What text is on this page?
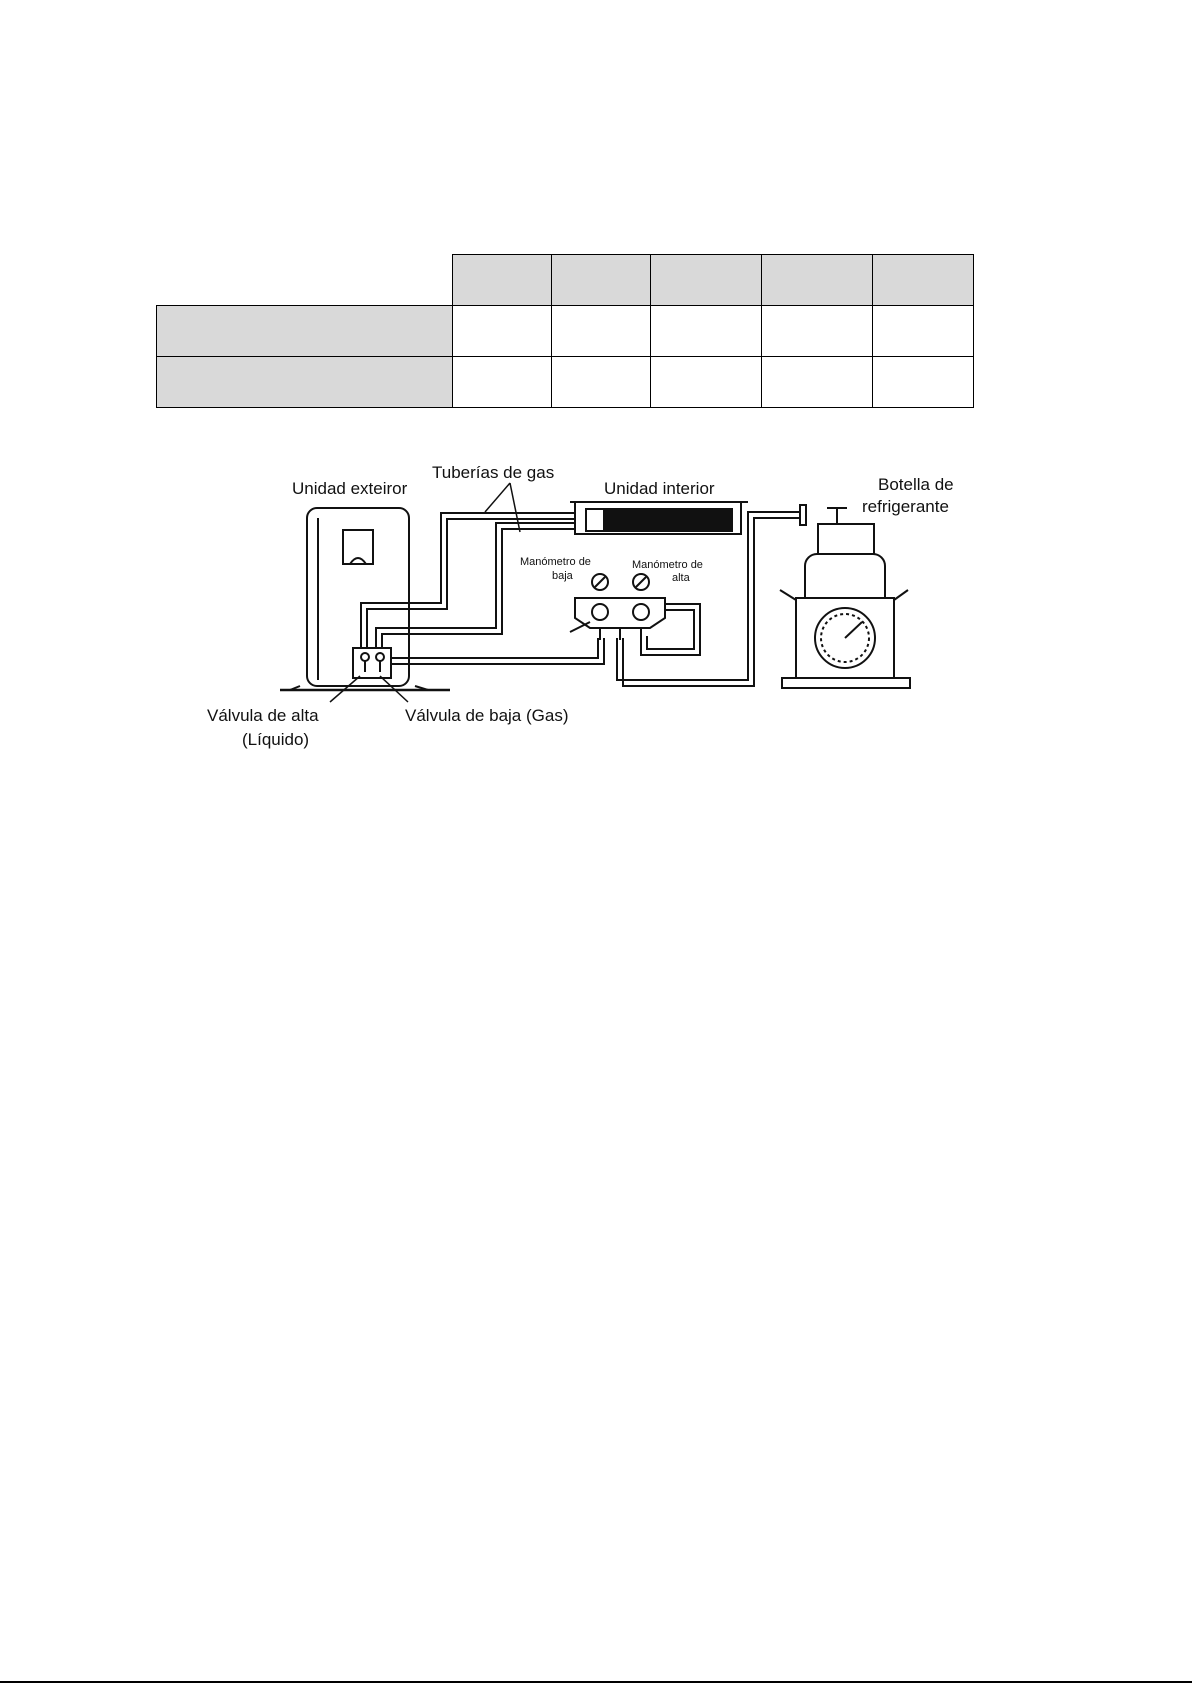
Unidad exteiror
Tuberías de gas
Unidad interior	Botella de
refrigerante
Manómetro de
baja
Manómetro de
alta
Válvula de alta
(Líquido)
Válvula de baja (Gas)
